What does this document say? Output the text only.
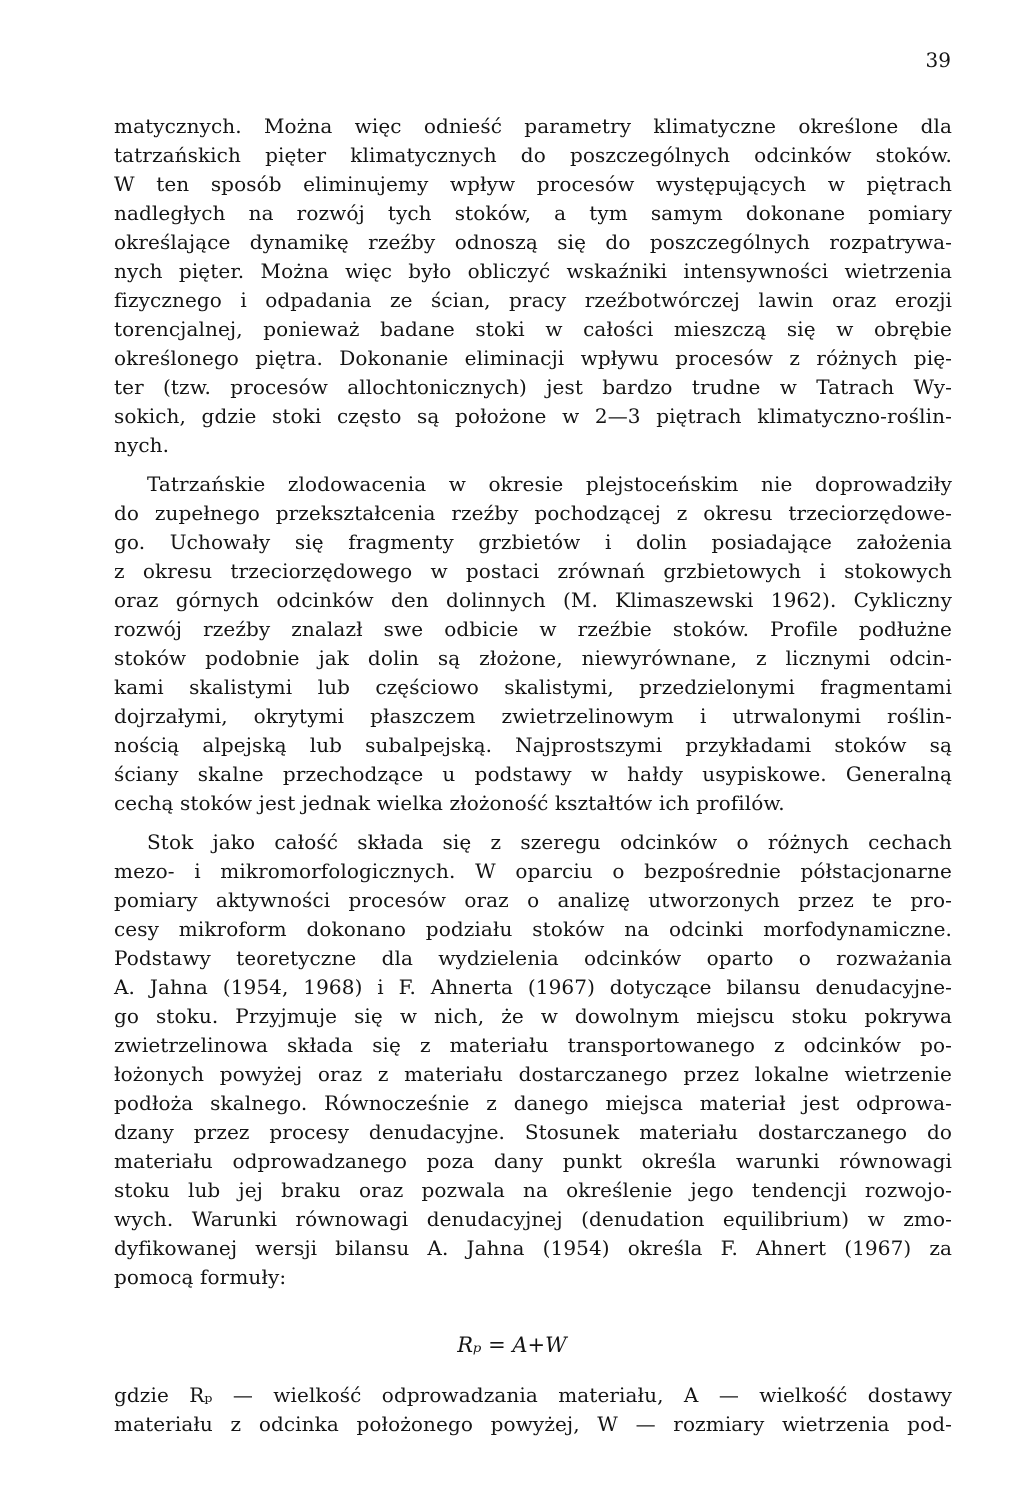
39
matycznych. Można więc odnieść parametry klimatyczne określone dla
tatrzańskich pięter klimatycznych do poszczególnych odcinków stoków.
W ten sposób eliminujemy wpływ procesów występujących w piętrach
nadległych na rozwój tych stoków, a tym samym dokonane pomiary
określające dynamikę rzeźby odnoszą się do poszczególnych rozpatrywa-
nych pięter. Można więc było obliczyć wskaźniki intensywności wietrzenia
fizycznego i odpadania ze ścian, pracy rzeźbotwórczej lawin oraz erozji
torencjalnej, ponieważ badane stoki w całości mieszczą się w obrębie
określonego piętra. Dokonanie eliminacji wpływu procesów z różnych pię-
ter (tzw. procesów allochtonicznych) jest bardzo trudne w Tatrach Wy-
sokich, gdzie stoki często są położone w 2—3 piętrach klimatyczno-roślin-
nych.
Tatrzańskie zlodowacenia w okresie plejstoceńskim nie doprowadziły
do zupełnego przekształcenia rzeźby pochodzącej z okresu trzeciorzędowe-
go. Uchowały się fragmenty grzbietów i dolin posiadające założenia
z okresu trzeciorzędowego w postaci zrównań grzbietowych i stokowych
oraz górnych odcinków den dolinnych (M. Klimaszewski 1962). Cykliczny
rozwój rzeźby znalazł swe odbicie w rzeźbie stoków. Profile podłużne
stoków podobnie jak dolin są złożone, niewyrównane, z licznymi odcin-
kami skalistymi lub częściowo skalistymi, przedzielonymi fragmentami
dojrzałymi, okrytymi płaszczem zwietrzelinowym i utrwalonymi roślin-
nością alpejską lub subalpejską. Najprostszymi przykładami stoków są
ściany skalne przechodzące u podstawy w hałdy usypiskowe. Generalną
cechą stoków jest jednak wielka złożoność kształtów ich profilów.
Stok jako całość składa się z szeregu odcinków o różnych cechach
mezo- i mikromorfologicznych. W oparciu o bezpośrednie półstacjonarne
pomiary aktywności procesów oraz o analizę utworzonych przez te pro-
cesy mikroform dokonano podziału stoków na odcinki morfodynamiczne.
Podstawy teoretyczne dla wydzielenia odcinków oparto o rozważania
A. Jahna (1954, 1968) i F. Ahnerta (1967) dotyczące bilansu denudacyjne-
go stoku. Przyjmuje się w nich, że w dowolnym miejscu stoku pokrywa
zwietrzelinowa składa się z materiału transportowanego z odcinków po-
łożonych powyżej oraz z materiału dostarczanego przez lokalne wietrzenie
podłoża skalnego. Równocześnie z danego miejsca materiał jest odprowa-
dzany przez procesy denudacyjne. Stosunek materiału dostarczanego do
materiału odprowadzanego poza dany punkt określa warunki równowagi
stoku lub jej braku oraz pozwala na określenie jego tendencji rozwojo-
wych. Warunki równowagi denudacyjnej (denudation equilibrium) w zmo-
dyfikowanej wersji bilansu A. Jahna (1954) określa F. Ahnert (1967) za
pomocą formuły:
Rₚ = A+W
gdzie Rₚ — wielkość odprowadzania materiału, A — wielkość dostawy
materiału z odcinka położonego powyżej, W — rozmiary wietrzenia pod-
